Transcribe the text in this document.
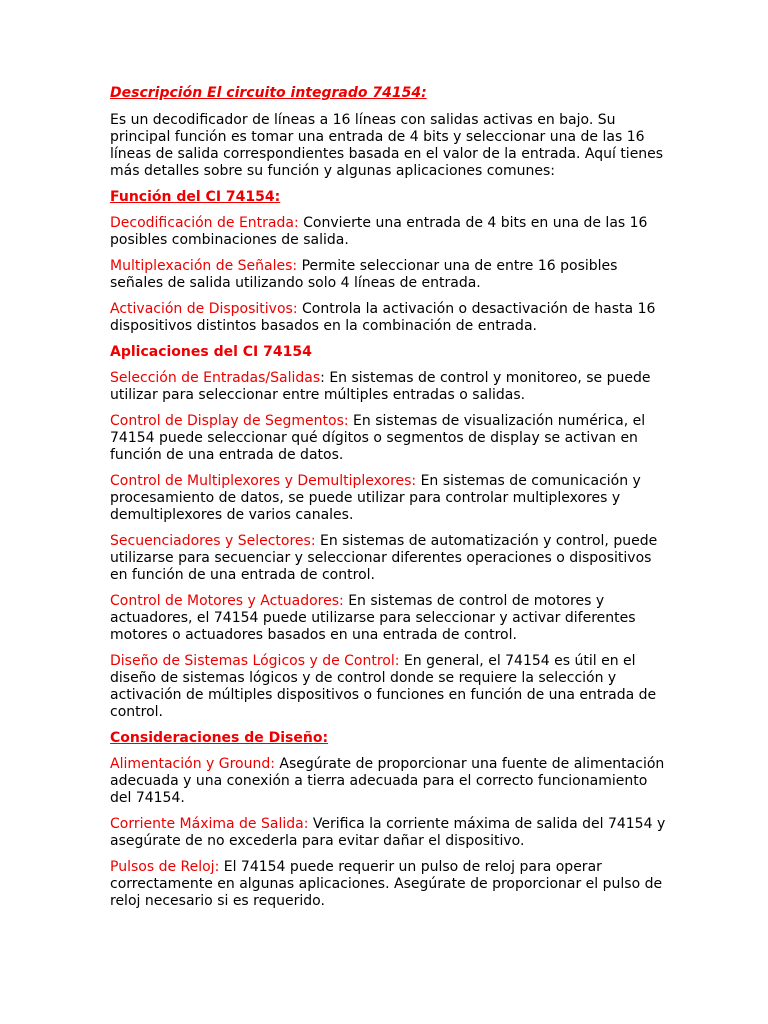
Descripción El circuito integrado 74154:

Es un decodificador de líneas a 16 líneas con salidas activas en bajo. Su principal función es tomar una entrada de 4 bits y seleccionar una de las 16 líneas de salida correspondientes basada en el valor de la entrada. Aquí tienes más detalles sobre su función y algunas aplicaciones comunes:

Función del CI 74154:

Decodificación de Entrada: Convierte una entrada de 4 bits en una de las 16 posibles combinaciones de salida.

Multiplexación de Señales: Permite seleccionar una de entre 16 posibles señales de salida utilizando solo 4 líneas de entrada.

Activación de Dispositivos: Controla la activación o desactivación de hasta 16 dispositivos distintos basados en la combinación de entrada.

Aplicaciones del CI 74154

Selección de Entradas/Salidas: En sistemas de control y monitoreo, se puede utilizar para seleccionar entre múltiples entradas o salidas.

Control de Display de Segmentos: En sistemas de visualización numérica, el 74154 puede seleccionar qué dígitos o segmentos de display se activan en función de una entrada de datos.

Control de Multiplexores y Demultiplexores: En sistemas de comunicación y procesamiento de datos, se puede utilizar para controlar multiplexores y demultiplexores de varios canales.

Secuenciadores y Selectores: En sistemas de automatización y control, puede utilizarse para secuenciar y seleccionar diferentes operaciones o dispositivos en función de una entrada de control.

Control de Motores y Actuadores: En sistemas de control de motores y actuadores, el 74154 puede utilizarse para seleccionar y activar diferentes motores o actuadores basados en una entrada de control.

Diseño de Sistemas Lógicos y de Control: En general, el 74154 es útil en el diseño de sistemas lógicos y de control donde se requiere la selección y activación de múltiples dispositivos o funciones en función de una entrada de control.

Consideraciones de Diseño:

Alimentación y Ground: Asegúrate de proporcionar una fuente de alimentación adecuada y una conexión a tierra adecuada para el correcto funcionamiento del 74154.

Corriente Máxima de Salida: Verifica la corriente máxima de salida del 74154 y asegúrate de no excederla para evitar dañar el dispositivo.

Pulsos de Reloj: El 74154 puede requerir un pulso de reloj para operar correctamente en algunas aplicaciones. Asegúrate de proporcionar el pulso de reloj necesario si es requerido.
